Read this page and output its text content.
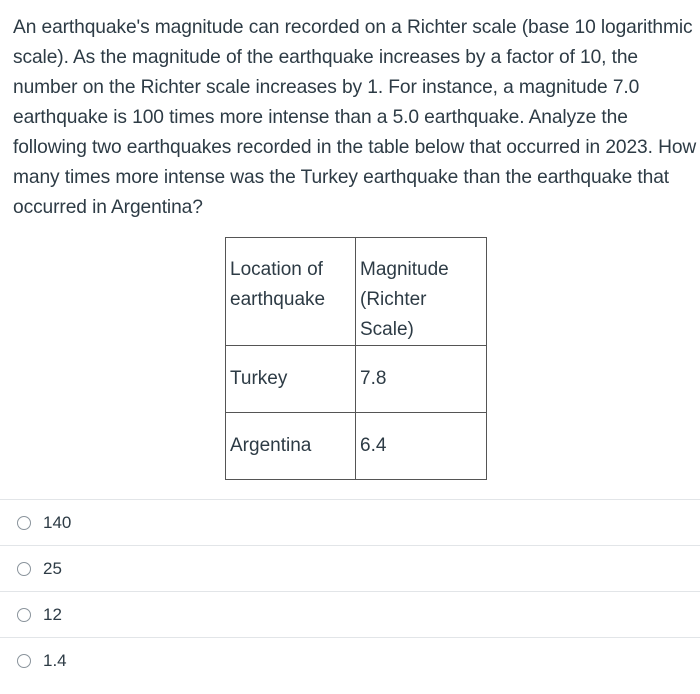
An earthquake's magnitude can recorded on a Richter scale (base 10 logarithmic scale). As the magnitude of the earthquake increases by a factor of 10, the number on the Richter scale increases by 1. For instance, a magnitude 7.0 earthquake is 100 times more intense than a 5.0 earthquake. Analyze the following two earthquakes recorded in the table below that occurred in 2023. How many times more intense was the Turkey earthquake than the earthquake that occurred in Argentina?

Location of earthquake	Magnitude (Richter Scale)
Turkey	7.8
Argentina	6.4
140
25
12
1.4
